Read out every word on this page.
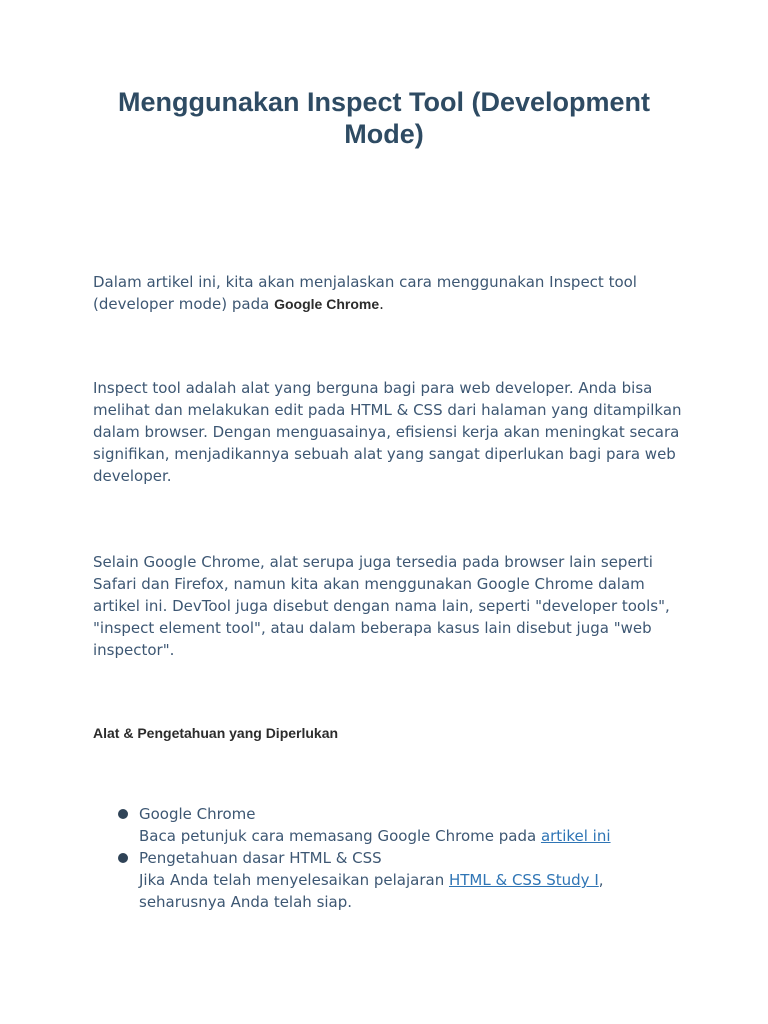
Menggunakan Inspect Tool (Development Mode)

Dalam artikel ini, kita akan menjalaskan cara menggunakan Inspect tool (developer mode) pada Google Chrome.

Inspect tool adalah alat yang berguna bagi para web developer. Anda bisa melihat dan melakukan edit pada HTML & CSS dari halaman yang ditampilkan dalam browser. Dengan menguasainya, efisiensi kerja akan meningkat secara signifikan, menjadikannya sebuah alat yang sangat diperlukan bagi para web developer.

Selain Google Chrome, alat serupa juga tersedia pada browser lain seperti Safari dan Firefox, namun kita akan menggunakan Google Chrome dalam artikel ini. DevTool juga disebut dengan nama lain, seperti "developer tools", "inspect element tool", atau dalam beberapa kasus lain disebut juga "web inspector".

Alat & Pengetahuan yang Diperlukan
Google Chrome
Baca petunjuk cara memasang Google Chrome pada artikel ini
Pengetahuan dasar HTML & CSS
Jika Anda telah menyelesaikan pelajaran HTML & CSS Study I, seharusnya Anda telah siap.
